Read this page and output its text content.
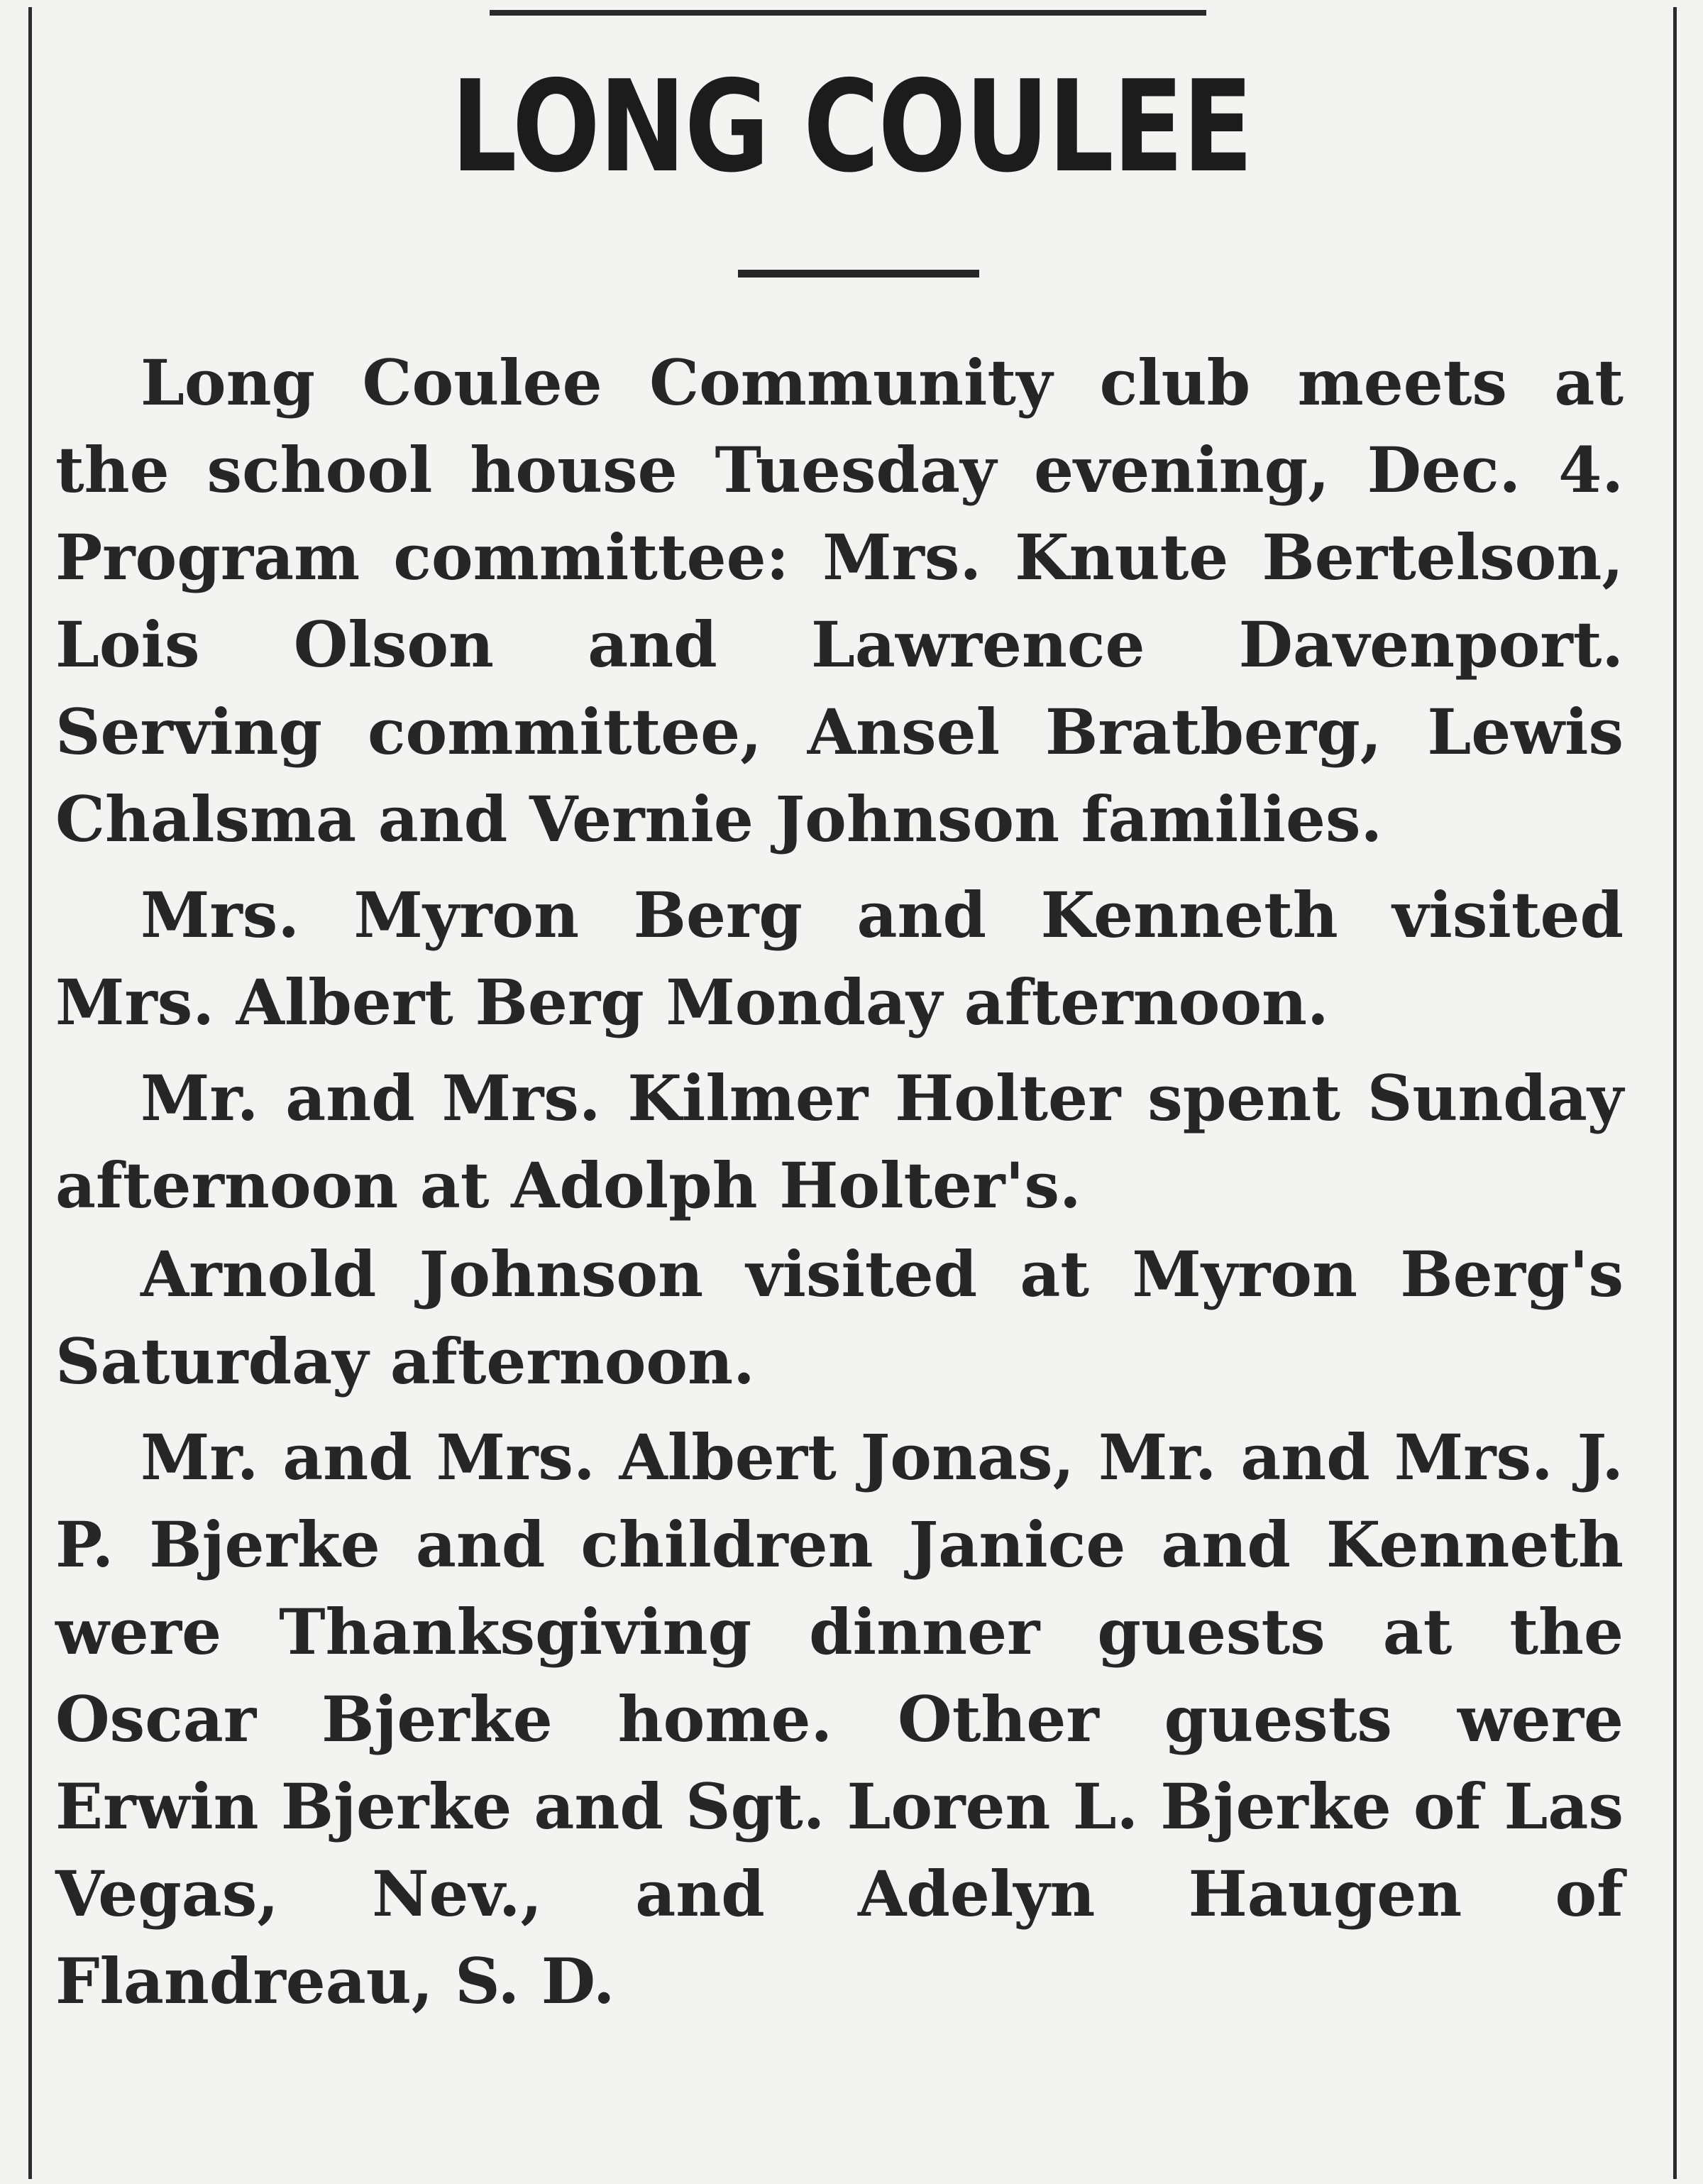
LONG COULEE

Long Coulee Community club meets at the school house Tuesday evening, Dec. 4. Program committee: Mrs. Knute Bertelson, Lois Olson and Lawrence Davenport. Serving committee, Ansel Bratberg, Lewis Chalsma and Vernie Johnson families.

Mrs. Myron Berg and Kenneth visited Mrs. Albert Berg Monday afternoon.

Mr. and Mrs. Kilmer Holter spent Sunday afternoon at Adolph Holter's.

Arnold Johnson visited at Myron Berg's Saturday afternoon.

Mr. and Mrs. Albert Jonas, Mr. and Mrs. J. P. Bjerke and children Janice and Kenneth were Thanksgiving dinner guests at the Oscar Bjerke home. Other guests were Erwin Bjerke and Sgt. Loren L. Bjerke of Las Vegas, Nev., and Adelyn Haugen of Flandreau, S. D.
